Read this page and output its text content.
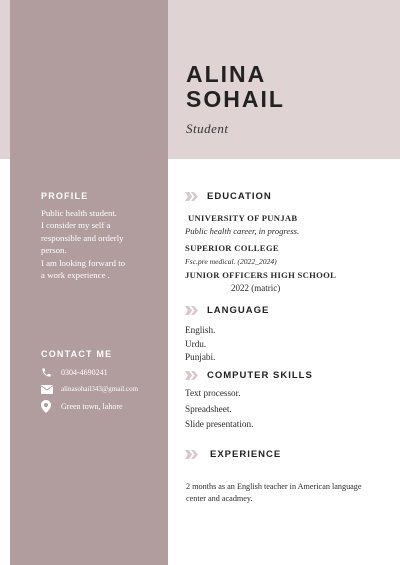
ALINA
SOHAIL
Student
PROFILE
Public health student.
I consider my self a
responsible and orderly
person.
I am looking forward to
a work experience .
CONTACT ME
0304-4690241
alinasohail343@gmail.com
Green town, lahore
EDUCATION
UNIVERSITY OF PUNJAB
Public health career, in progress.
SUPERIOR COLLEGE
Fsc.pre medical. (2022_2024)
JUNIOR OFFICERS HIGH SCHOOL
2022 (matric)
LANGUAGE
English.
Urdu.
Punjabi.
COMPUTER SKILLS
Text processor.
Spreadsheet.
Slide presentation.
EXPERIENCE
2 months as an English teacher in American language center and acadmey.
